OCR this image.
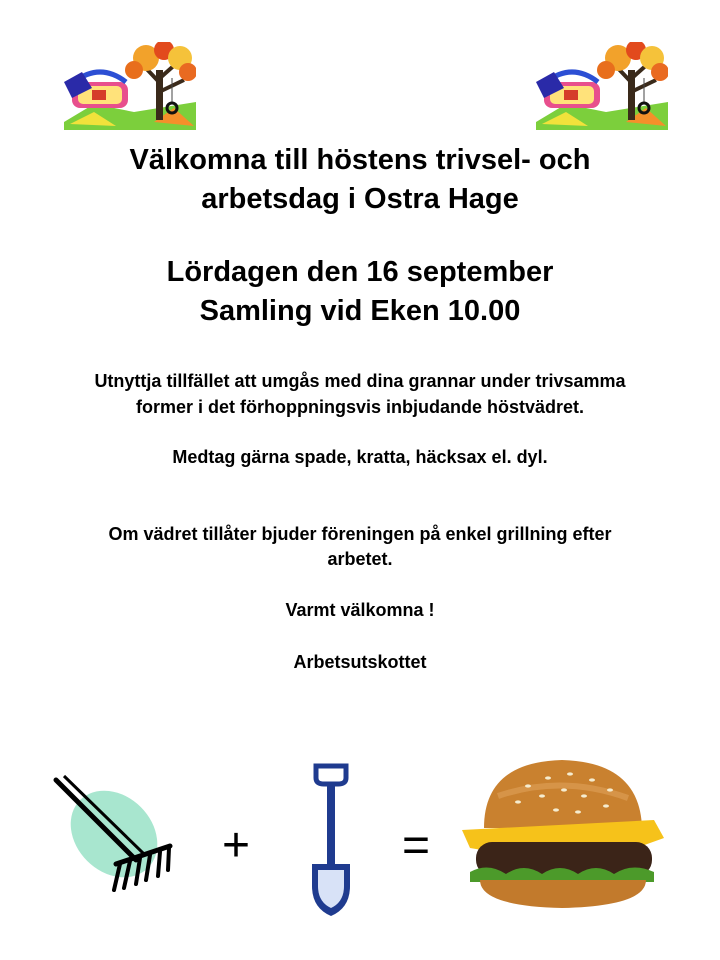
Välkomna till höstens trivsel- och
arbetsdag i Ostra Hage
Lördagen den 16 september
Samling vid Eken 10.00

Utnyttja tillfället att umgås med dina grannar under trivsamma

former i det förhoppningsvis inbjudande höstvädret.

Medtag gärna spade, kratta, häcksax el. dyl.

Om vädret tillåter bjuder föreningen på enkel grillning efter

arbetet.

Varmt välkomna !

Arbetsutskottet

+	=
